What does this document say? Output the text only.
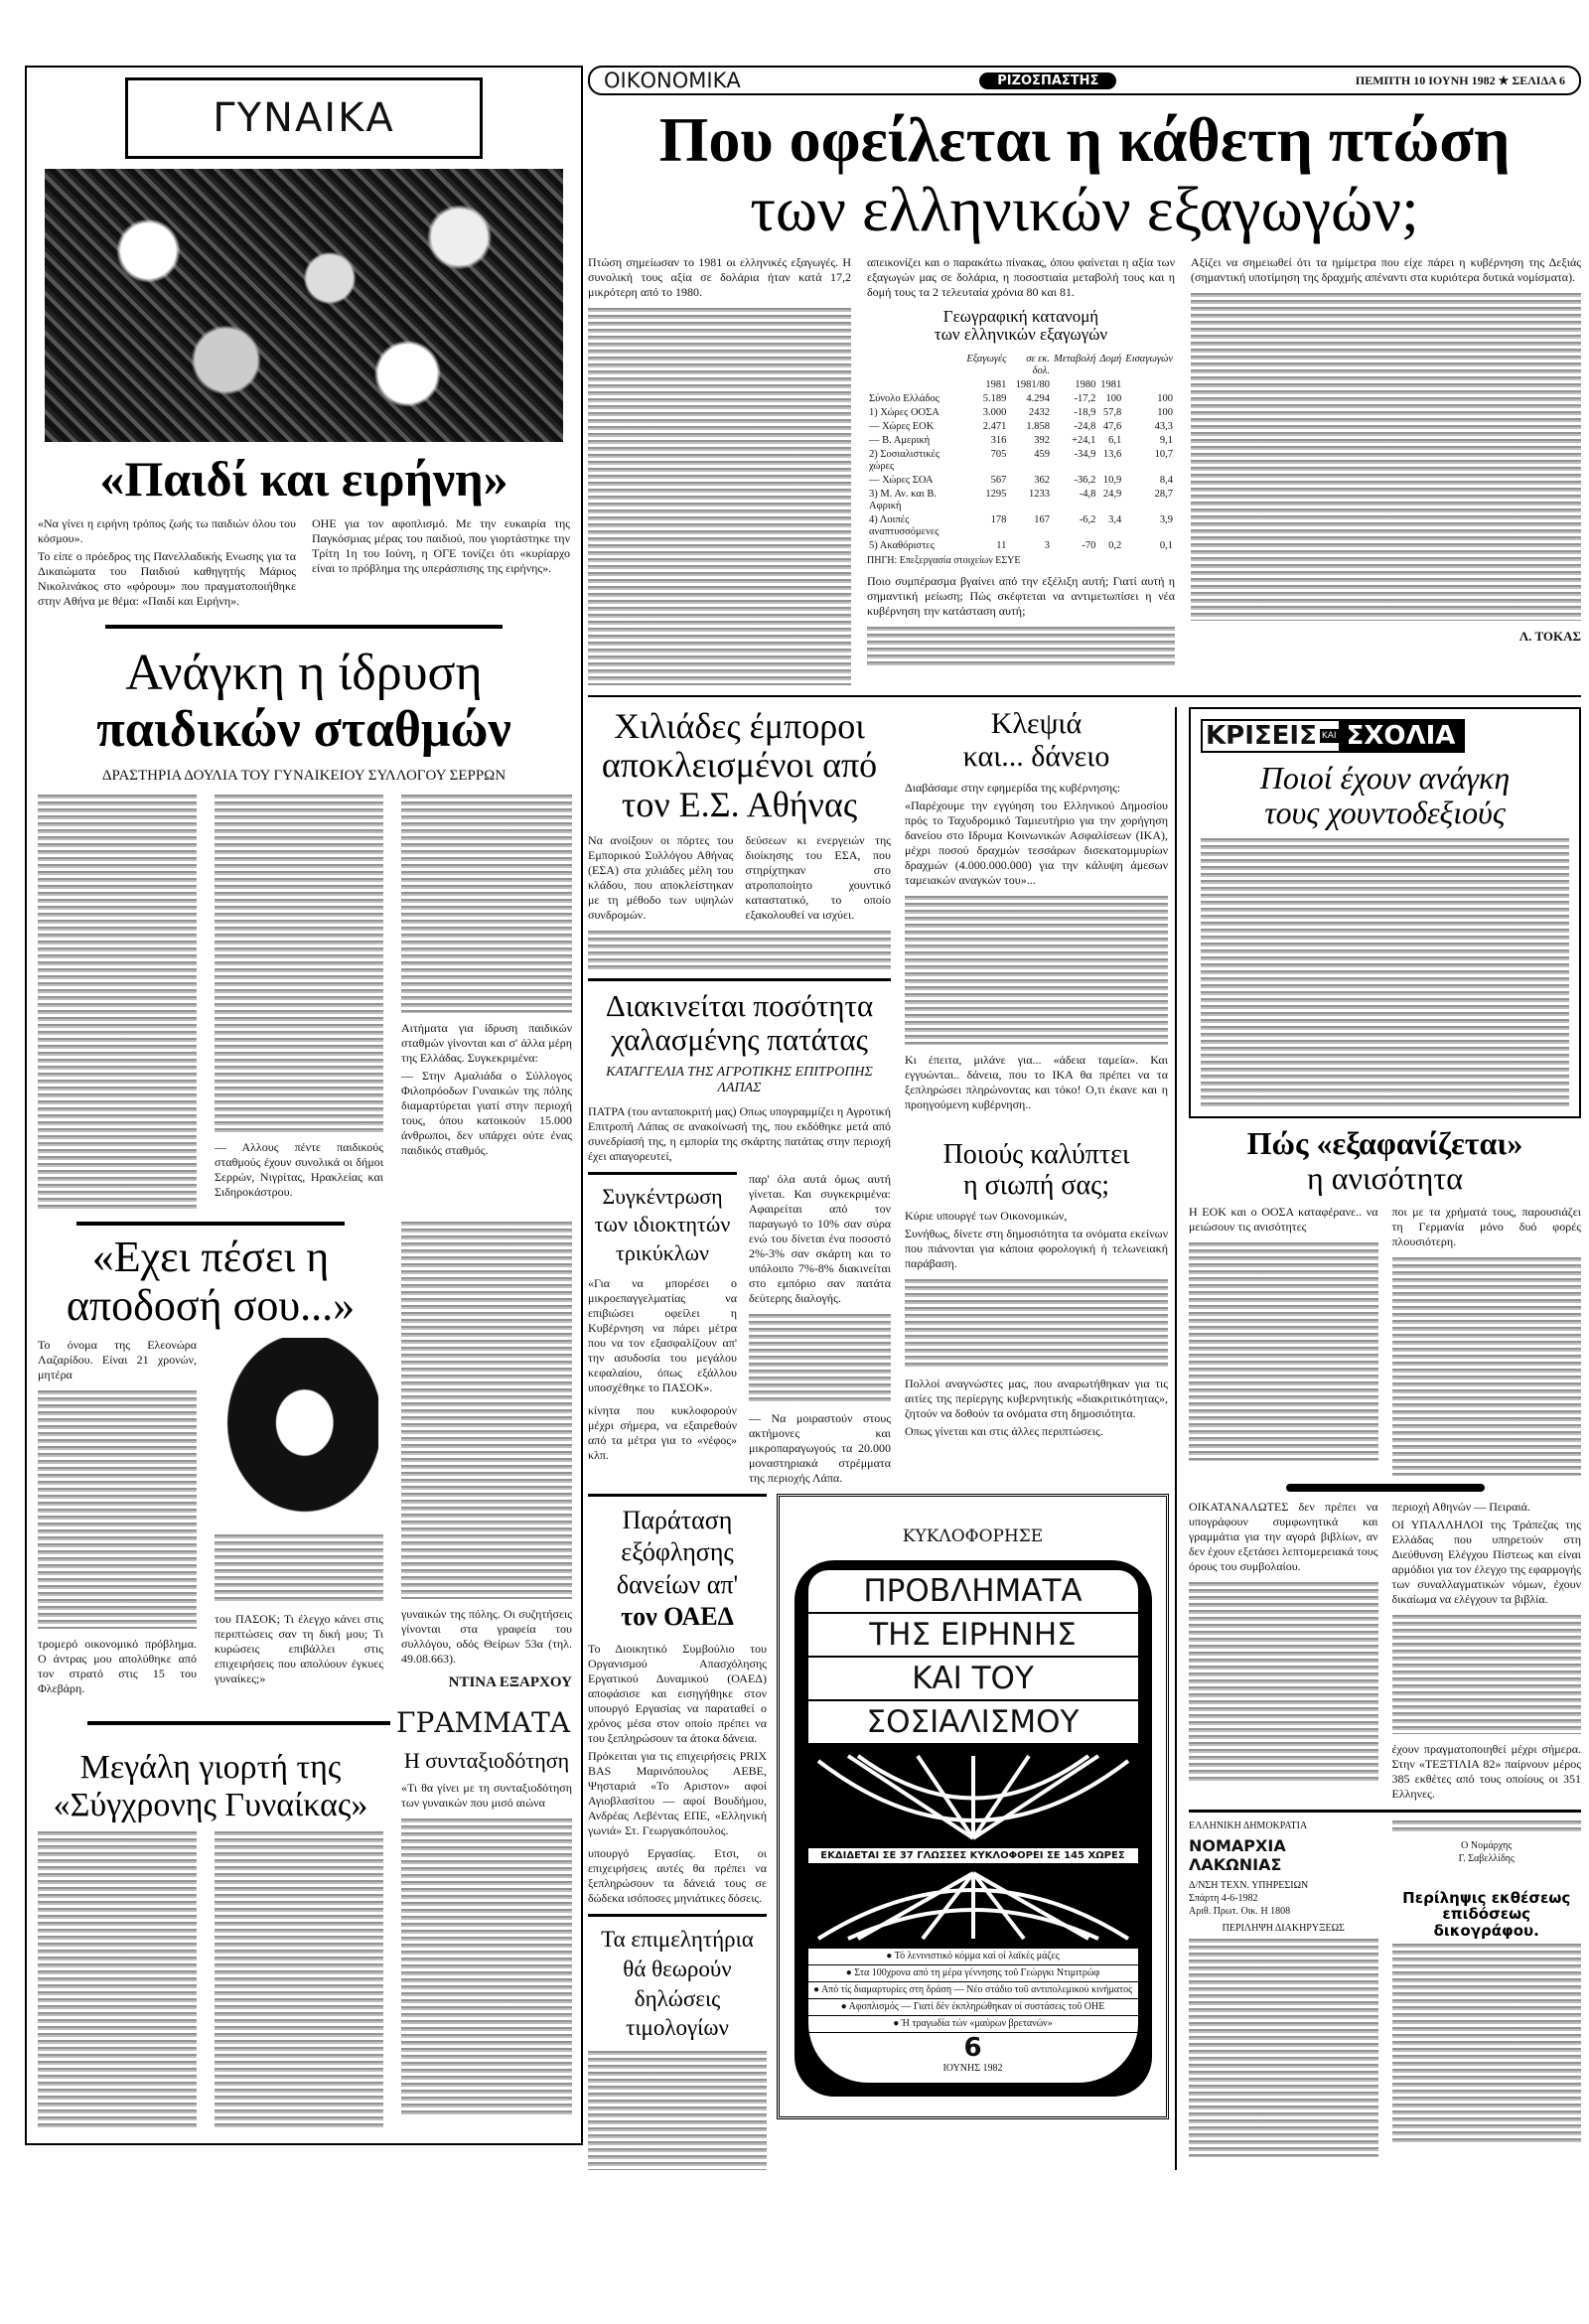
ΓΥΝΑΙΚΑ
«Παιδί και ειρήνη»

«Να γίνει η ειρήνη τρόπος ζωής τω παιδιών όλου του κόσμου».

Το είπε ο πρόεδρος της Πανελλαδικής Ενωσης για τα Δικαιώματα του Παιδιού καθηγητής Μάριος Νικολινάκος στο «φόρουμ» που πραγματοποιήθηκε στην Αθήνα με θέμα: «Παιδί και Ειρήνη».

ΟΗΕ για τον αφοπλισμό. Με την ευκαιρία της Παγκόσμιας μέρας του παιδιού, που γιορτάστηκε την Τρίτη 1η του Ιούνη, η ΟΓΕ τονίζει ότι «κυρίαρχο είναι το πρόβλημα της υπεράσπισης της ειρήνης».

Ανάγκη η ίδρυση
παιδικών σταθμών
ΔΡΑΣΤΗΡΙΑ ΔΟΥΛΙΑ ΤΟΥ ΓΥΝΑΙΚΕΙΟΥ ΣΥΛΛΟΓΟΥ ΣΕΡΡΩΝ
— Αλλους πέντε παιδικούς σταθμούς έχουν συνολικά οι δήμοι Σερρών, Νιγρίτας, Ηρακλείας και Σιδηροκάστρου.

Αιτήματα για ίδρυση παιδικών σταθμών γίνονται και σ' άλλα μέρη της Ελλάδας. Συγκεκριμένα:

— Στην Αμαλιάδα ο Σύλλογος Φιλοπρόοδων Γυναικών της πόλης διαμαρτύρεται γιατί στην περιοχή τους, όπου κατοικούν 15.000 άνθρωποι, δεν υπάρχει ούτε ένας παιδικός σταθμός.

«Εχει πέσει η
αποδοσή σου...»
γυναικών της πόλης. Οι συζητήσεις γίνονται στα γραφεία του συλλόγου, οδός Θείρων 53α (τηλ. 49.08.663).
ΝΤΙΝΑ ΕΞΑΡΧΟΥ
Το όνομα της Ελεονώρα Λαζαρίδου. Είναι 21 χρονών, μητέρα
τρομερό οικονομικό πρόβλημα. Ο άντρας μου απολύθηκε από τον στρατό στις 15 του Φλεβάρη.
του ΠΑΣΟΚ; Τι έλεγχο κάνει στις περιπτώσεις σαν τη δική μου; Τι κυρώσεις επιβάλλει στις επιχειρήσεις που απολύουν έγκυες γυναίκες;»
ΓΡΑΜΜΑΤΑ
Μεγάλη γιορτή της
«Σύγχρονης Γυναίκας»
Η συνταξιοδότηση
«Τι θα γίνει με τη συνταξιοδότηση των γυναικών που μισό αιώνα
ΟΙΚΟΝΟΜΙΚΑ	ΡΙΖΟΣΠΑΣΤΗΣ	ΠΕΜΠΤΗ 10 ΙΟΥΝΗ 1982 ★ ΣΕΛΙΔΑ 6
Που οφείλεται η κάθετη πτώση
των ελληνικών εξαγωγών;
Πτώση σημείωσαν το 1981 οι ελληνικές εξαγωγές. Η συνολική τους αξία σε δολάρια ήταν κατά 17,2 μικρότερη από το 1980.
απεικονίζει και ο παρακάτω πίνακας, όπου φαίνεται η αξία των εξαγωγών μας σε δολάρια, η ποσοστιαία μεταβολή τους και η δομή τους τα 2 τελευταία χρόνια 80 και 81.
Γεωγραφική κατανομή
των ελληνικών εξαγωγών
	Εξαγωγές	σε εκ. δολ.	Μεταβολή	Δομή	Εισαγωγών
	1981	1981/80	1980	1981	
Σύνολο Ελλάδος	5.189	4.294	-17,2	100	100
1) Χώρες ΟΟΣΑ	3.000	2432	-18,9	57,8	100
— Χώρες ΕΟΚ	2.471	1.858	-24,8	47,6	43,3
— Β. Αμερική	316	392	+24,1	6,1	9,1
2) Σοσιαλιστικές χώρες	705	459	-34,9	13,6	10,7
— Χώρες ΣΟΑ	567	362	-36,2	10,9	8,4
3) Μ. Αν. και Β. Αφρική	1295	1233	-4,8	24,9	28,7
4) Λοιπές αναπτυσσόμενες	178	167	-6,2	3,4	3,9
5) Ακαθόριστες	11	3	-70	0,2	0,1
ΠΗΓΗ: Επεξεργασία στοιχείων ΕΣΥΕ
Ποιο συμπέρασμα βγαίνει από την εξέλιξη αυτή; Γιατί αυτή η σημαντική μείωση; Πώς σκέφτεται να αντιμετωπίσει η νέα κυβέρνηση την κατάσταση αυτή;
Αξίζει να σημειωθεί ότι τα ημίμετρα που είχε πάρει η κυβέρνηση της Δεξιάς (σημαντική υποτίμηση της δραχμής απέναντι στα κυριότερα δυτικά νομίσματα).
Λ. ΤΟΚΑΣ
Χιλιάδες έμποροι
αποκλεισμένοι από
τον Ε.Σ. Αθήνας
Να ανοίξουν οι πόρτες του Εμπορικού Συλλόγου Αθήνας (ΕΣΑ) στα χιλιάδες μέλη του κλάδου, που αποκλείστηκαν με τη μέθοδο των υψηλών συνδρομών.
δεύσεων κι ενεργειών της διοίκησης του ΕΣΑ, που στηρίχτηκαν στο ατροποποίητο χουντικό καταστατικό, το οποίο εξακολουθεί να ισχύει.
Διακινείται ποσότητα
χαλασμένης πατάτας
ΚΑΤΑΓΓΕΛΙΑ ΤΗΣ ΑΓΡΟΤΙΚΗΣ ΕΠΙΤΡΟΠΗΣ ΛΑΠΑΣ
ΠΑΤΡΑ (του ανταποκριτή μας) Οπως υπογραμμίζει η Αγροτική Επιτροπή Λάπας σε ανακοίνωσή της, που εκδόθηκε μετά από συνεδρίασή της, η εμπορία της σκάρτης πατάτας στην περιοχή έχει απαγορευτεί,
Συγκέντρωση
των ιδιοκτητών
τρικύκλων
«Για να μπορέσει ο μικροεπαγγελματίας να επιβιώσει οφείλει η Κυβέρνηση να πάρει μέτρα που να τον εξασφαλίζουν απ' την ασυδοσία του μεγάλου κεφαλαίου, όπως εξάλλου υποσχέθηκε το ΠΑΣΟΚ».
κίνητα που κυκλοφορούν μέχρι σήμερα, να εξαιρεθούν από τα μέτρα για το «νέφος» κλπ.

παρ' όλα αυτά όμως αυτή γίνεται. Και συγκεκριμένα: Αφαιρείται από τον παραγωγό το 10% σαν σύρα ενώ του δίνεται ένα ποσοστό 2%-3% σαν σκάρτη και το υπόλοιπο 7%-8% διακινείται στο εμπόριο σαν πατάτα δεύτερης διαλογής.

— Να μοιραστούν στους ακτήμονες και μικροπαραγωγούς τα 20.000 μοναστηριακά στρέμματα της περιοχής Λάπα.
Κλεψιά
και... δάνειο

Διαβάσαμε στην εφημερίδα της κυβέρνησης:

«Παρέχουμε την εγγύηση του Ελληνικού Δημοσίου πρός το Ταχυδρομικό Ταμιευτήριο για την χορήγηση δανείου στο Ιδρυμα Κοινωνικών Ασφαλίσεων (ΙΚΑ), μέχρι ποσού δραχμών τεσσάρων δισεκατομμυρίων δραχμών (4.000.000.000) για την κάλυψη άμεσων ταμειακών αναγκών του»...

Κι έπειτα, μιλάνε για... «άδεια ταμεία». Και εγγυώνται.. δάνεια, που το ΙΚΑ θα πρέπει να τα ξεπληρώσει πληρώνοντας και τόκο! Ο,τι έκανε και η προηγούμενη κυβέρνηση..
Ποιούς καλύπτει
η σιωπή σας;

Κύριε υπουργέ των Οικονομικών,

Συνήθως, δίνετε στη δημοσιότητα τα ονόματα εκείνων που πιάνονται για κάποια φορολογική ή τελωνειακή παράβαση.

Πολλοί αναγνώστες μας, που αναρωτήθηκαν για τις αιτίες της περίεργης κυβερνητικής «διακριτικότητας», ζητούν να δοθούν τα ονόματα στη δημοσιότητα.

Οπως γίνεται και στις άλλες περιπτώσεις.

Παράταση
εξόφλησης
δανείων απ'
τον ΟΑΕΔ

Το Διοικητικό Συμβούλιο του Οργανισμού Απασχόλησης Εργατικού Δυναμικού (ΟΑΕΔ) αποφάσισε και εισηγήθηκε στον υπουργό Εργασίας να παραταθεί ο χρόνος μέσα στον οποίο πρέπει να του ξεπληρώσουν τα άτοκα δάνεια.

Πρόκειται για τις επιχειρήσεις PRIX BAS Μαρινόπουλος ΑΕΒΕ, Ψησταριά «Το Αριστον» αφοί Αγιοβλασίτου — αφοί Βουδήμου, Ανδρέας Λεβέντας ΕΠΕ, «Ελληνική γωνιά» Στ. Γεωργακόπουλος.

υπουργό Εργασίας. Ετσι, οι επιχειρήσεις αυτές θα πρέπει να ξεπληρώσουν τα δάνειά τους σε δώδεκα ισόποσες μηνιάτικες δόσεις.
Τα επιμελητήρια
θά θεωρούν
δηλώσεις
τιμολογίων
ΚΥΚΛΟΦΟΡΗΣΕ
ΠΡΟΒΛΗΜΑΤΑ
ΤΗΣ ΕΙΡΗΝΗΣ
ΚΑΙ ΤΟΥ
ΣΟΣΙΑΛΙΣΜΟΥ
ΕΚΔΙΔΕΤΑΙ ΣΕ 37 ΓΛΩΣΣΕΣ ΚΥΚΛΟΦΟΡΕΙ ΣΕ 145 ΧΩΡΕΣ
● Τό λενινιστικό κόμμα καί οί λαϊκές μάζες
● Στα 100χρονα από τη μέρα γέννησης τοῦ Γεώργκι Ντιμιτρώφ
● Από τίς διαμαρτυρίες στη δράση — Νέο στάδιο τοῦ αντιπολεμικού κινήματος
● Αφοπλισμός — Γιατί δέν έκπληρώθηκαν οί συστάσεις τοῦ ΟΗΕ
● Ή τραγωδία τών «μαύρων βρετανών»
6
ΙΟΥΝΗΣ 1982
ΚΡΙΣΕΙΣ ΚΑΙ ΣΧΟΛΙΑ
Ποιοί έχουν ανάγκη
τους χουντοδεξιούς
Πώς «εξαφανίζεται»
η ανισότητα
Η ΕΟΚ και ο ΟΟΣΑ καταφέρανε.. να μειώσουν τις ανισότητες
ποι με τα χρήματά τους, παρουσιάζει τη Γερμανία μόνο δυό φορές πλουσιότερη.
ΟΙΚΑΤΑΝΑΛΩΤΕΣ δεν πρέπει να υπογράφουν συμφωνητικά και γραμμάτια για την αγορά βιβλίων, αν δεν έχουν εξετάσει λεπτομερειακά τους όρους του συμβολαίου.

περιοχή Αθηνών — Πειραιά.

ΟΙ ΥΠΑΛΛΗΛΟΙ της Τράπεζας της Ελλάδας που υπηρετούν στη Διεύθυνση Ελέγχου Πίστεως και είναι αρμόδιοι για τον έλεγχο της εφαρμογής των συναλλαγματικών νόμων, έχουν δικαίωμα να ελέγχουν τα βιβλία.

έχουν πραγματοποιηθεί μέχρι σήμερα. Στην «ΤΕΞΤΙΛΙΑ 82» παίρνουν μέρος 385 εκθέτες από τους οποίους οι 351 Ελληνες.
ΕΛΛΗΝΙΚΗ ΔΗΜΟΚΡΑΤΙΑ
ΝΟΜΑΡΧΙΑ ΛΑΚΩΝΙΑΣ
Δ/ΝΣΗ ΤΕΧΝ. ΥΠΗΡΕΣΙΩΝ
Σπάρτη 4-6-1982
Αριθ. Πρωτ. Οικ. Η 1808
ΠΕΡΙΛΗΨΗ ΔΙΑΚΗΡΥΞΕΩΣ
Ο Νομάρχης
Γ. Σαβελλίδης
Περίληψις εκθέσεως
επιδόσεως δικογράφου.
